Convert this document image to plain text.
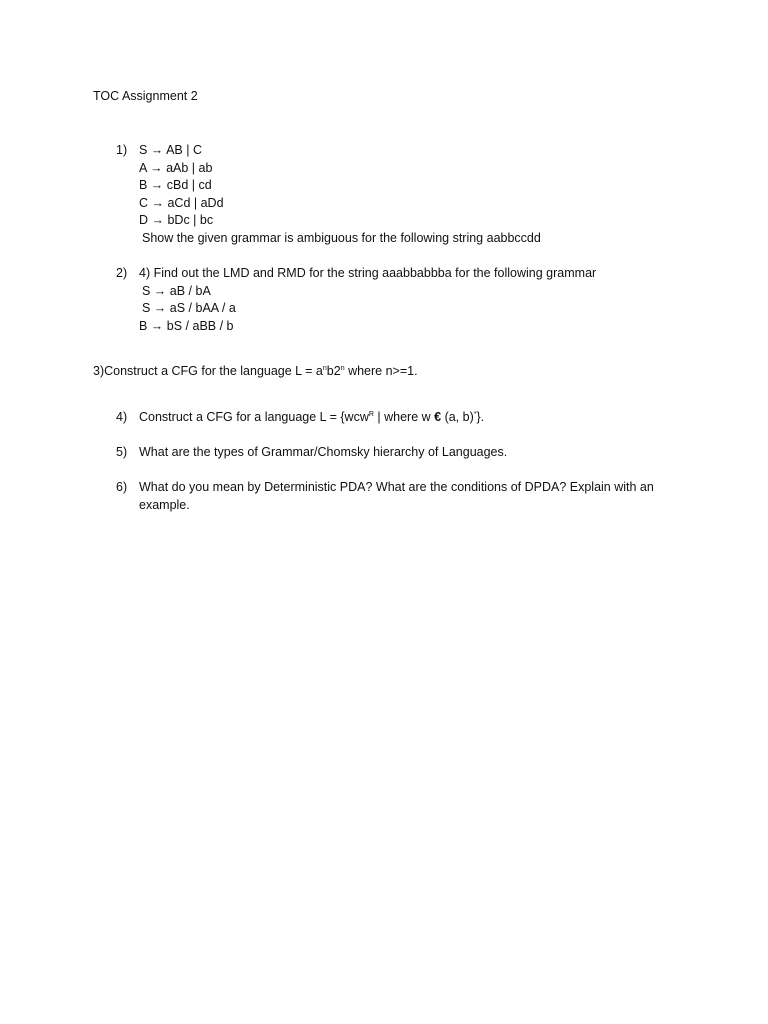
TOC Assignment 2
1) S → AB | C
A → aAb | ab
B → cBd | cd
C → aCd | aDd
D → bDc | bc
Show the given grammar is ambiguous for the following string aabbccdd
2) 4) Find out the LMD and RMD for the string aaabbabbba for the following grammar
S → aB / bA
S → aS / bAA / a
B → bS / aBB / b
3)Construct a CFG for the language $L = a^nb2^n$ where n>=1.
4) Construct a CFG for a language L = {wcw$^R$ | where w € (a, b)*}.
5) What are the types of Grammar/Chomsky hierarchy of Languages.
6) What do you mean by Deterministic PDA? What are the conditions of DPDA? Explain with an example.
